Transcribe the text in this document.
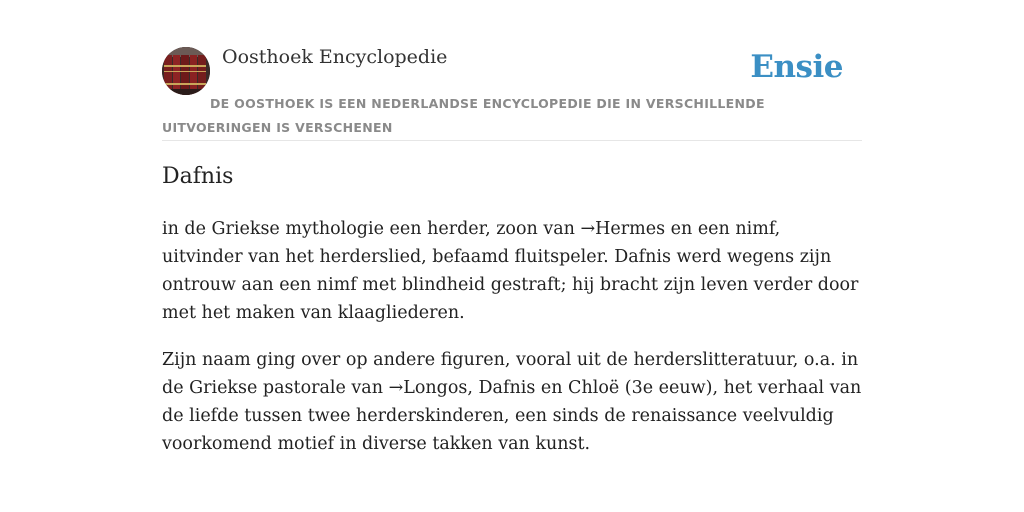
Oosthoek Encyclopedie	Ensie
DE OOSTHOEK IS EEN NEDERLANDSE ENCYCLOPEDIE DIE IN VERSCHILLENDE UITVOERINGEN IS VERSCHENEN
Dafnis

in de Griekse mythologie een herder, zoon van →Hermes en een nimf, uitvinder van het herderslied, befaamd fluitspeler. Dafnis werd wegens zijn ontrouw aan een nimf met blindheid gestraft; hij bracht zijn leven verder door met het maken van klaagliederen.

Zijn naam ging over op andere figuren, vooral uit de herderslitteratuur, o.a. in de Griekse pastorale van →Longos, Dafnis en Chloë (3e eeuw), het verhaal van de liefde tussen twee herderskinderen, een sinds de renaissance veelvuldig voorkomend motief in diverse takken van kunst.
